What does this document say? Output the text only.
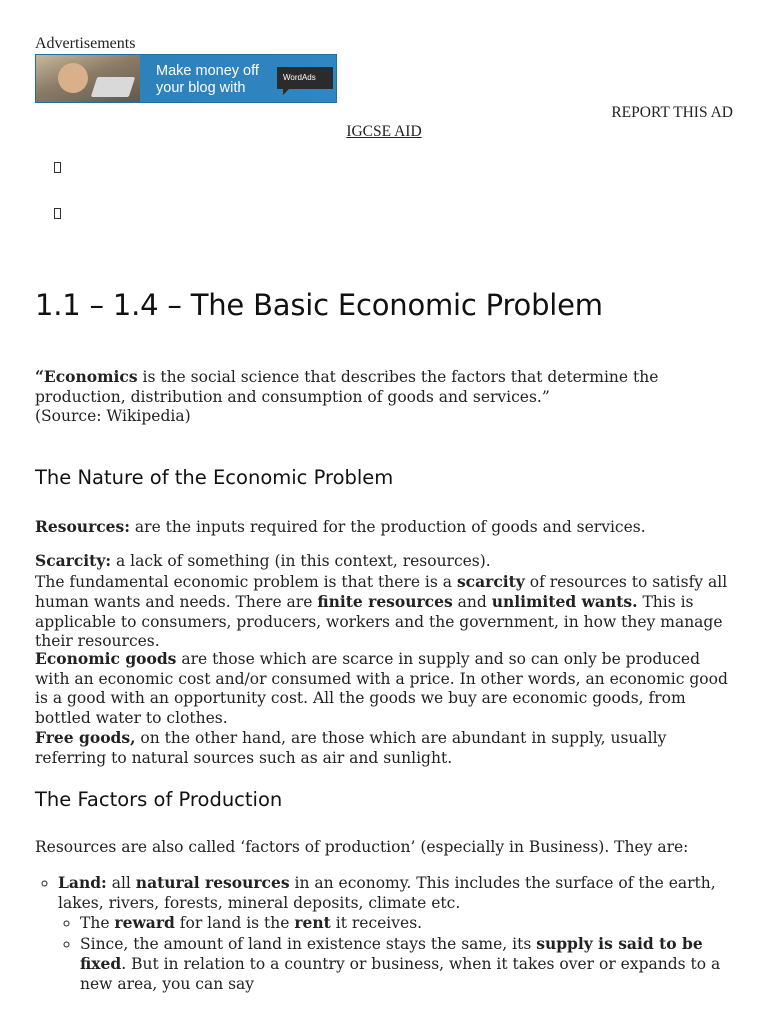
Advertisements
Make money off
your blog with
WordAds
REPORT THIS AD
IGCSE AID
1.1 – 1.4 – The Basic Economic Problem

“Economics is the social science that describes the factors that determine the production, distribution and consumption of goods and services.”
(Source: Wikipedia)

The Nature of the Economic Problem

Resources: are the inputs required for the production of goods and services.

Scarcity: a lack of something (in this context, resources).
The fundamental economic problem is that there is a scarcity of resources to satisfy all human wants and needs. There are finite resources and unlimited wants. This is applicable to consumers, producers, workers and the government, in how they manage their resources.

Economic goods are those which are scarce in supply and so can only be produced with an economic cost and/or consumed with a price. In other words, an economic good is a good with an opportunity cost. All the goods we buy are economic goods, from bottled water to clothes.
Free goods, on the other hand, are those which are abundant in supply, usually referring to natural sources such as air and sunlight.

The Factors of Production

Resources are also called ‘factors of production’ (especially in Business). They are:

◦ Land: all natural resources in an economy. This includes the surface of the earth, lakes, rivers, forests, mineral deposits, climate etc.
◦ The reward for land is the rent it receives.
◦ Since, the amount of land in existence stays the same, its supply is said to be fixed. But in relation to a country or business, when it takes over or expands to a new area, you can say
